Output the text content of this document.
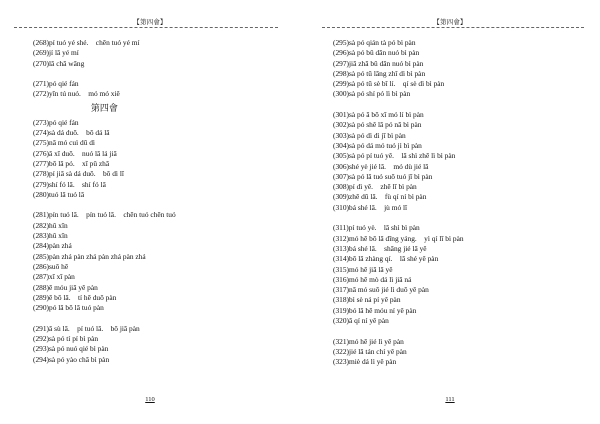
【第四會】
(268)pí tuó yé shé.　chēn tuó yé mí
(269)jí lā yé mí
(270)lā chā wāng
(271)pó qié fán
(272)yīn tú nuó.　mó mó xiě
第四會
(273)pó qié fán
(274)sà dá duō.　bō dá lā
(275)nā mó cuì dū dì
(276)ā xī duō.　nuó lā lá jiā
(277)bō lā pó.　xī pǔ zhā
(278)pí jiā sà dá duō.　bō dì lī
(279)shí fó lā.　shí fó lā
(280)tuó lā tuó lā
(281)pín tuó lā.　pín tuó lā.　chēn tuó chēn tuó
(282)hǔ xīn
(283)hǔ xīn
(284)pàn zhá
(285)pàn zhá pàn zhá pàn zhá pàn zhá
(286)suō hē
(287)xī xī pàn
(288)ē móu jiā yě pàn
(289)ē bō lā.　tí hē duō pàn
(290)pó lā bō lā tuó pàn
(291)ā sù lā.　pí tuó lā.　bō jiā pàn
(292)sà pó tí pí bì pàn
(293)sà pó nuó qié bì pàn
(294)sà pó yào chā bì pàn
110
【第四會】
(295)sà pó qián tà pó bì pàn
(296)sà pó bǔ dān nuó bì pàn
(297)jiā zhā bǔ dān nuó bì pàn
(298)sà pó tū lāng zhǐ dì bì pàn
(299)sà pó tū sè bǐ lí.　qí sè dì bì pàn
(300)sà pó shí pó lì bì pàn
(301)sà pó ā bō xī mó lí bì pàn
(302)sà pó shě lā pó nā bì pàn
(303)sà pó dì dì jī bì pàn
(304)sà pó dá mó tuó jì bì pàn
(305)sà pó pí tuó yě.　lā shì zhē lì bì pàn
(306)shé yè jié lā.　mó dù jié lā
(307)sà pó lā tuó suō tuó jī bì pàn
(308)pí dì yě.　zhē lī bì pàn
(309)zhē dū lā.　fù qí ní bì pàn
(310)bá shé lā.　jù mó lǐ
(311)pí tuó yè.　lā shì bì pàn
(312)mó hē bō lā dīng yáng.　yì qí lī bì pàn
(313)bá shé lā.　shāng jié lā yě
(314)bō lā zhàng qí.　lā shé yě pàn
(315)mó hē jiā lā yě
(316)mó hē mò dá lì jiā ná
(317)nā mó suō jié lì duō yě pàn
(318)bì sè ná pí yě pàn
(319)bó lā hē móu ní yě pàn
(320)ā qí ní yě pàn
(321)mó hē jié lì yě pàn
(322)jié lā tán chí yě pàn
(323)miè dá lì yě pàn
111
